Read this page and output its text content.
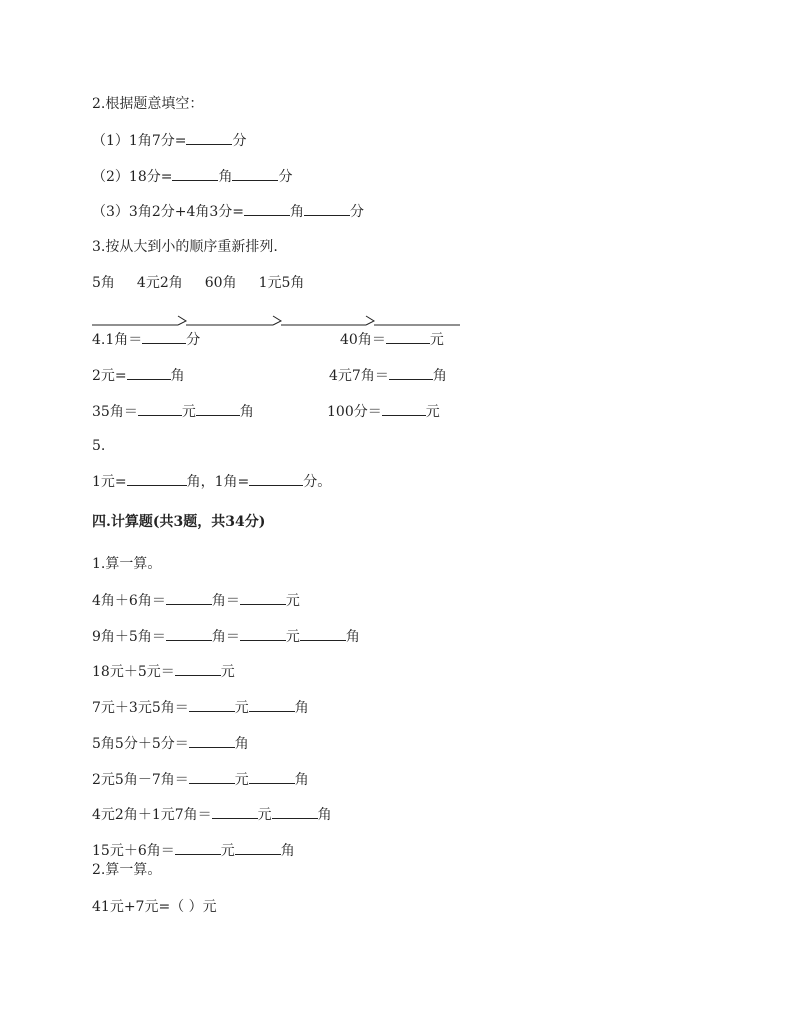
2.根据题意填空：
（1）1角7分=	分
（2）18分=	角	分
（3）3角2分+4角3分=	角	分
3.按从大到小的顺序重新排列.
5角 4元2角 60角 1元5角
4.1角＝	分	40角＝	元
2元=	角	4元7角＝	角
35角＝	元	角	100分＝	元
5.
1元=	角，1角=	分。
四.计算题(共3题，共34分)
1.算一算。
4角＋6角＝	角＝	元
9角＋5角＝	角＝	元	角
18元＋5元＝	元
7元＋3元5角＝	元	角
5角5分＋5分＝	角
2元5角－7角＝	元	角
4元2角＋1元7角＝	元	角
15元＋6角＝	元	角
2.算一算。
41元+7元=（ ）元
